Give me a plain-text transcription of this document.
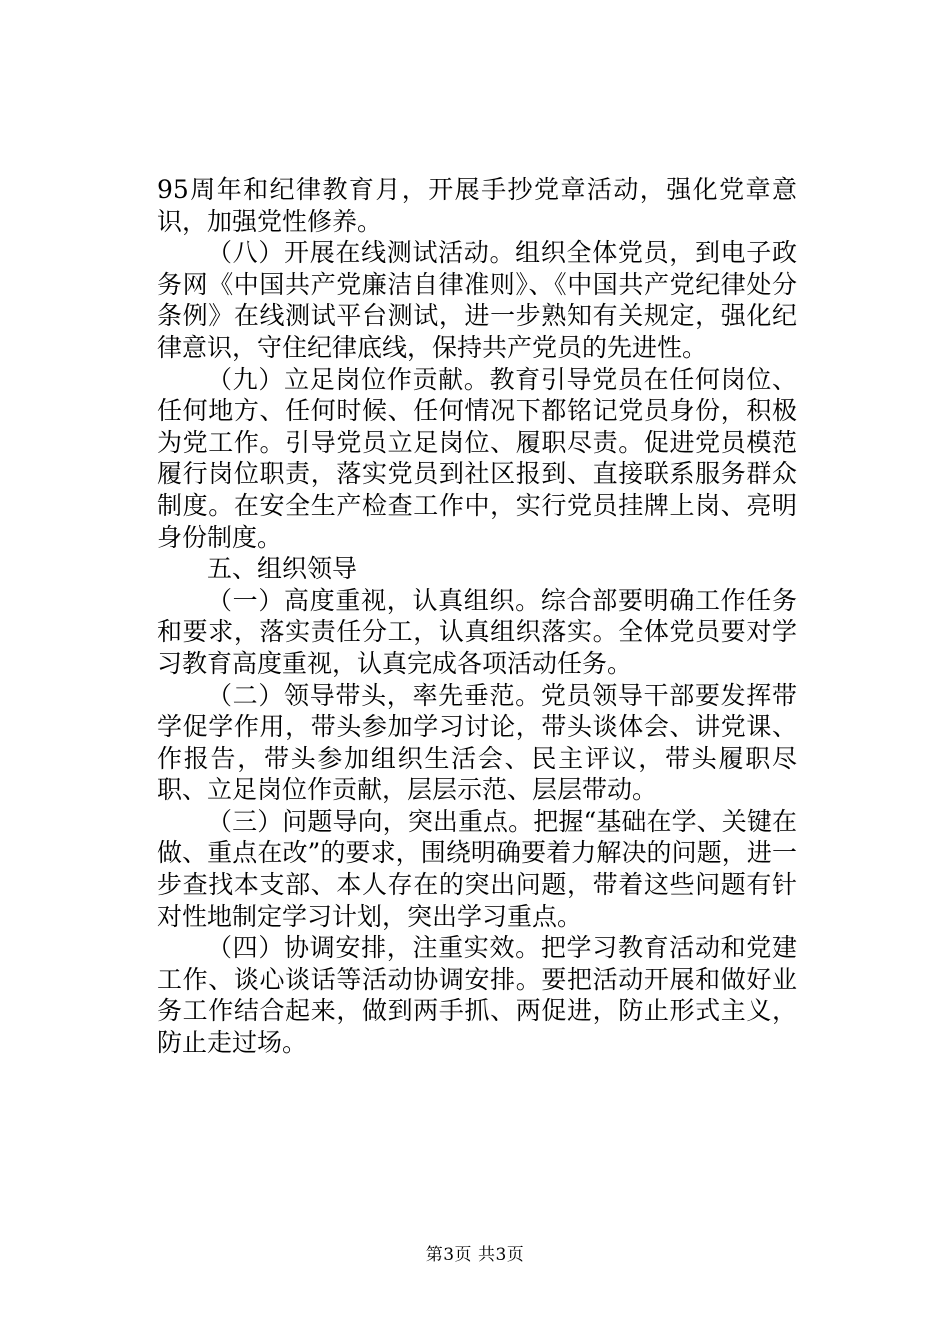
95周年和纪律教育月，开展手抄党章活动，强化党章意识，加强党性修养。

（八）开展在线测试活动。组织全体党员，到电子政务网《中国共产党廉洁自律准则》、《中国共产党纪律处分条例》在线测试平台测试，进一步熟知有关规定，强化纪律意识，守住纪律底线，保持共产党员的先进性。

（九）立足岗位作贡献。教育引导党员在任何岗位、任何地方、任何时候、任何情况下都铭记党员身份，积极为党工作。引导党员立足岗位、履职尽责。促进党员模范履行岗位职责，落实党员到社区报到、直接联系服务群众制度。在安全生产检查工作中，实行党员挂牌上岗、亮明身份制度。

五、组织领导

（一）高度重视，认真组织。综合部要明确工作任务和要求，落实责任分工，认真组织落实。全体党员要对学习教育高度重视，认真完成各项活动任务。

（二）领导带头，率先垂范。党员领导干部要发挥带学促学作用，带头参加学习讨论，带头谈体会、讲党课、作报告，带头参加组织生活会、民主评议，带头履职尽职、立足岗位作贡献，层层示范、层层带动。

（三）问题导向，突出重点。把握“基础在学、关键在做、重点在改”的要求，围绕明确要着力解决的问题，进一步查找本支部、本人存在的突出问题，带着这些问题有针对性地制定学习计划，突出学习重点。

（四）协调安排，注重实效。把学习教育活动和党建工作、谈心谈话等活动协调安排。要把活动开展和做好业务工作结合起来，做到两手抓、两促进，防止形式主义，防止走过场。

第3页 共3页
